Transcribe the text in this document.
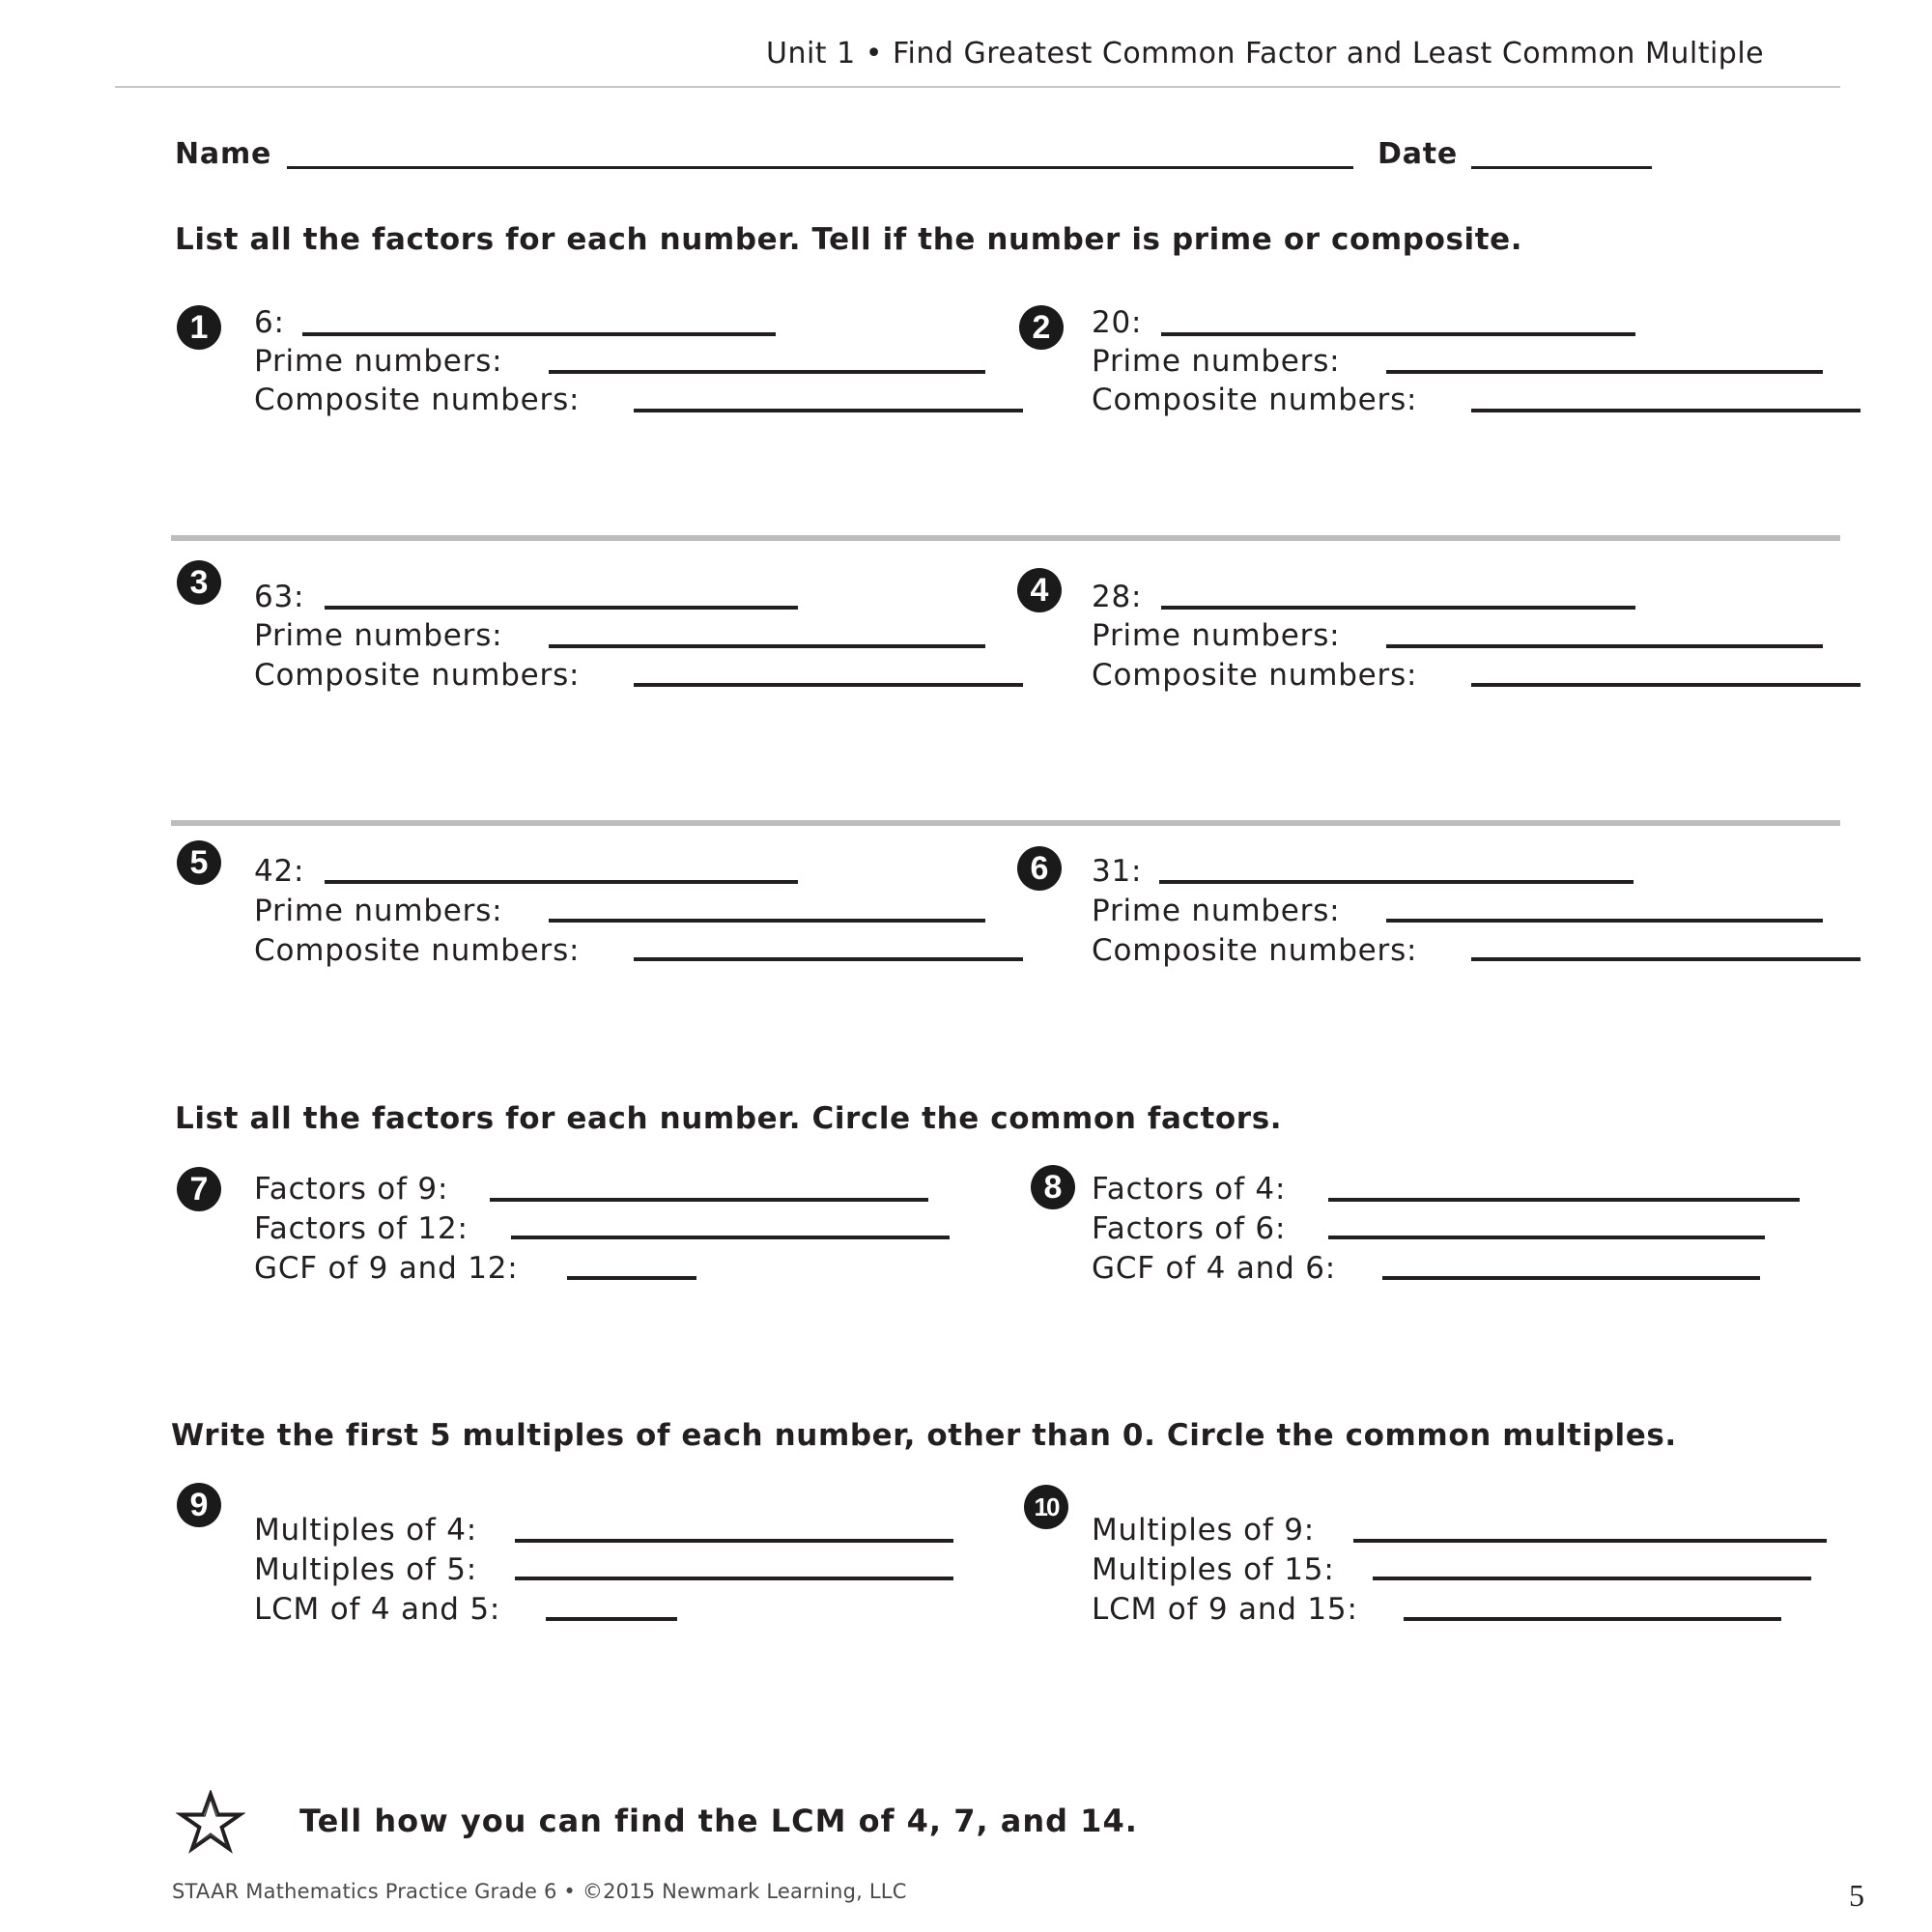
Unit 1 • Find Greatest Common Factor and Least Common Multiple
Name	Date
List all the factors for each number. Tell if the number is prime or composite.
1	6:
Prime numbers:
Composite numbers:
2	20:
Prime numbers:
Composite numbers:
3	63:
Prime numbers:
Composite numbers:
4	28:
Prime numbers:
Composite numbers:
5	42:
Prime numbers:
Composite numbers:
6	31:
Prime numbers:
Composite numbers:
List all the factors for each number. Circle the common factors.
7	Factors of 9:
Factors of 12:
GCF of 9 and 12:
8 Factors of 4:
Factors of 6:
GCF of 4 and 6:
Write the first 5 multiples of each number, other than 0. Circle the common multiples.
9
Multiples of 4:
Multiples of 5:
LCM of 4 and 5:
10
Multiples of 9:
Multiples of 15:
LCM of 9 and 15:
Tell how you can find the LCM of 4, 7, and 14.
STAAR Mathematics Practice Grade 6 • ©2015 Newmark Learning, LLC	5
